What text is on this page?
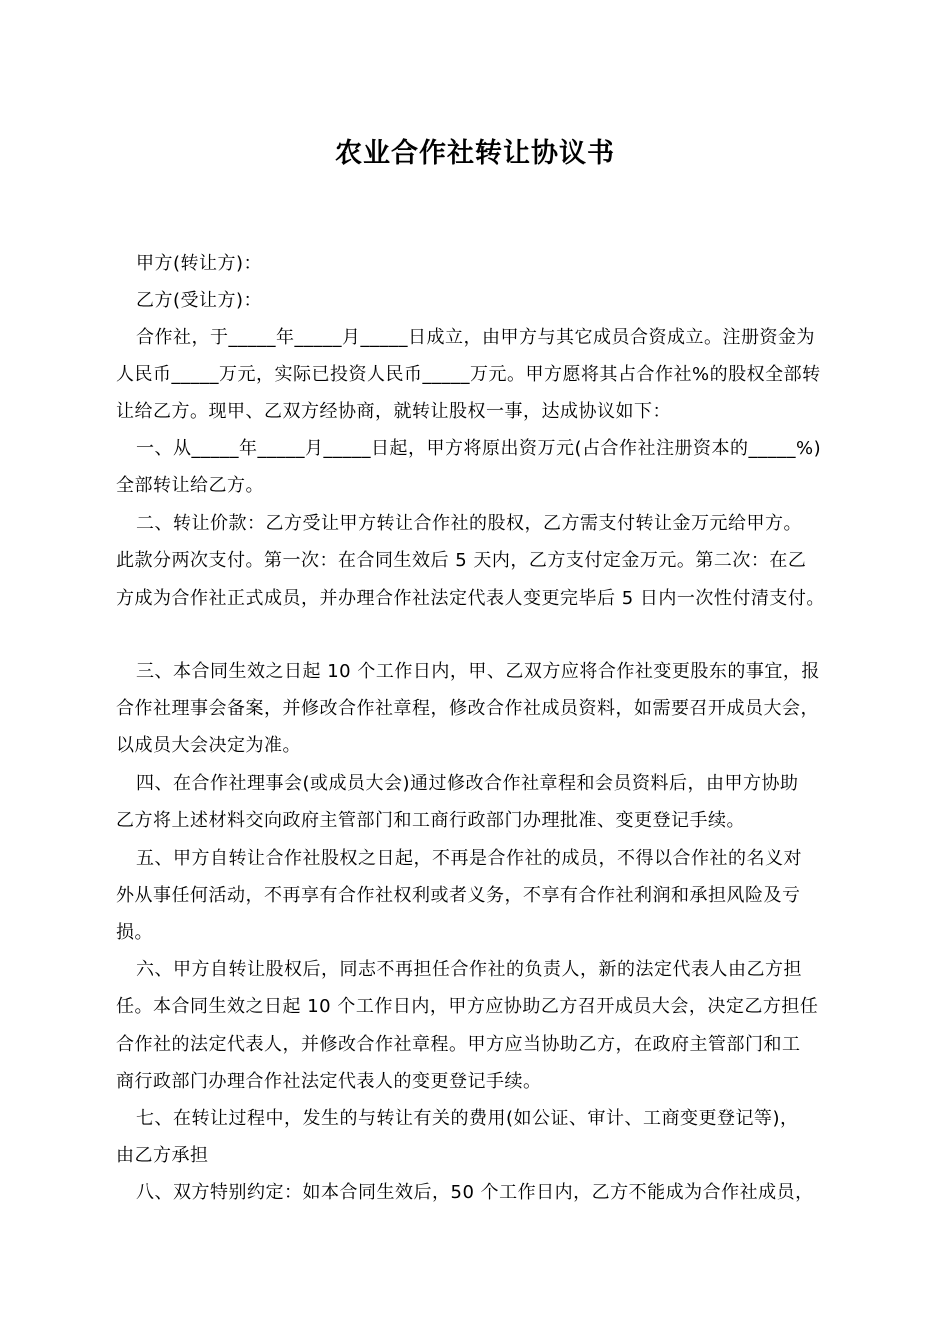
农业合作社转让协议书
甲方(转让方)：
乙方(受让方)：
合作社，于_____年_____月_____日成立，由甲方与其它成员合资成立。注册资金为
人民币_____万元，实际已投资人民币_____万元。甲方愿将其占合作社%的股权全部转
让给乙方。现甲、乙双方经协商，就转让股权一事，达成协议如下：
一、从_____年_____月_____日起，甲方将原出资万元(占合作社注册资本的_____%)
全部转让给乙方。
二、转让价款：乙方受让甲方转让合作社的股权，乙方需支付转让金万元给甲方。
此款分两次支付。第一次：在合同生效后 5 天内，乙方支付定金万元。第二次：在乙
方成为合作社正式成员，并办理合作社法定代表人变更完毕后 5 日内一次性付清支付。
三、本合同生效之日起 10 个工作日内，甲、乙双方应将合作社变更股东的事宜，报
合作社理事会备案，并修改合作社章程，修改合作社成员资料，如需要召开成员大会，
以成员大会决定为准。
四、在合作社理事会(或成员大会)通过修改合作社章程和会员资料后，由甲方协助
乙方将上述材料交向政府主管部门和工商行政部门办理批准、变更登记手续。
五、甲方自转让合作社股权之日起，不再是合作社的成员，不得以合作社的名义对
外从事任何活动，不再享有合作社权利或者义务，不享有合作社利润和承担风险及亏
损。
六、甲方自转让股权后，同志不再担任合作社的负责人，新的法定代表人由乙方担
任。本合同生效之日起 10 个工作日内，甲方应协助乙方召开成员大会，决定乙方担任
合作社的法定代表人，并修改合作社章程。甲方应当协助乙方，在政府主管部门和工
商行政部门办理合作社法定代表人的变更登记手续。
七、在转让过程中，发生的与转让有关的费用(如公证、审计、工商变更登记等)，
由乙方承担
八、双方特别约定：如本合同生效后，50 个工作日内，乙方不能成为合作社成员，
